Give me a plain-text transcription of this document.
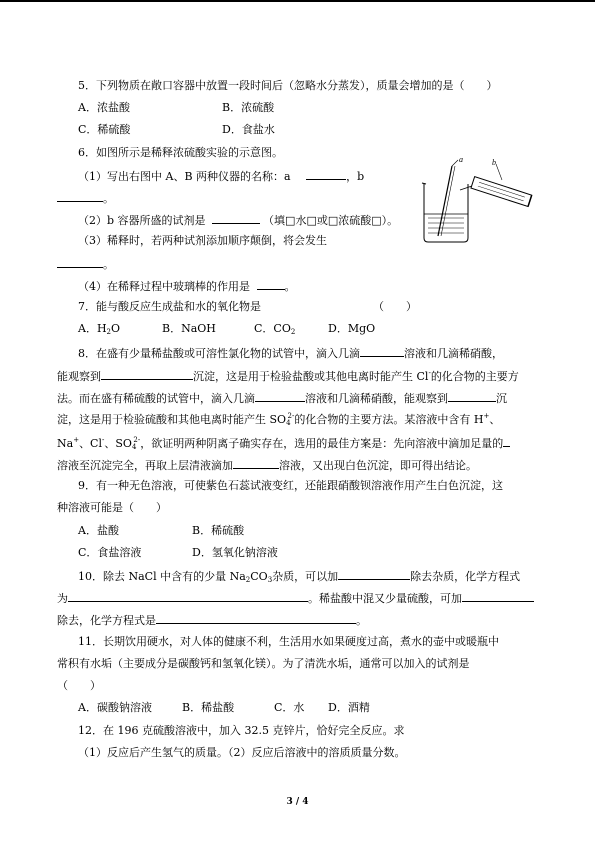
5．下列物质在敞口容器中放置一段时间后（忽略水分蒸发），质量会增加的是（　　）
A．浓盐酸	B．浓硫酸
C．稀硫酸	D．食盐水
6．如图所示是稀释浓硫酸实验的示意图。
（1）写出右图中 A、B 两种仪器的名称：a	，b
。
（2）b 容器所盛的试剂是	（填□水□或□浓硫酸□）。
（3）稀释时，若两种试剂添加顺序颠倒，将会发生
。
（4）在稀释过程中玻璃棒的作用是	。
a	b
7．能与酸反应生成盐和水的氧化物是	（　　）
A．$H_2O$	B．NaOH	C．$CO_2$	D．MgO
8．在盛有少量稀盐酸或可溶性氯化物的试管中，滴入几滴	溶液和几滴稀硝酸，
能观察到	沉淀，这是用于检验盐酸或其他电离时能产生 Cl-的化合物的主要方
法。而在盛有稀硫酸的试管中，滴入几滴	溶液和几滴稀硝酸，能观察到	沉
淀，这是用于检验硫酸和其他电离时能产生 $SO_4^{2-}$的化合物的主要方法。某溶液中含有 H+、
Na+、Cl-、$SO_4^{2-}$，欲证明两种阴离子确实存在，选用的最佳方案是：先向溶液中滴加足量的
溶液至沉淀完全，再取上层清液滴加	溶液，又出现白色沉淀，即可得出结论。
9．有一种无色溶液，可使紫色石蕊试液变红，还能跟硝酸钡溶液作用产生白色沉淀，这
种溶液可能是（　　）
A．盐酸	B．稀硫酸
C．食盐溶液	D．氢氧化钠溶液
10．除去 NaCl 中含有的少量 $Na_2CO_3$杂质，可以加	除去杂质，化学方程式
为	。稀盐酸中混又少量硫酸，可加
除去，化学方程式是	。
11．长期饮用硬水，对人体的健康不利，生活用水如果硬度过高，煮水的壶中或暖瓶中
常积有水垢（主要成分是碳酸钙和氢氧化镁）。为了清洗水垢，通常可以加入的试剂是
（　　）
A．碳酸钠溶液	B．稀盐酸	C．水 D．酒精
12．在 196 克硫酸溶液中，加入 32.5 克锌片，恰好完全反应。求
（1）反应后产生氢气的质量。（2）反应后溶液中的溶质质量分数。
3 / 4
